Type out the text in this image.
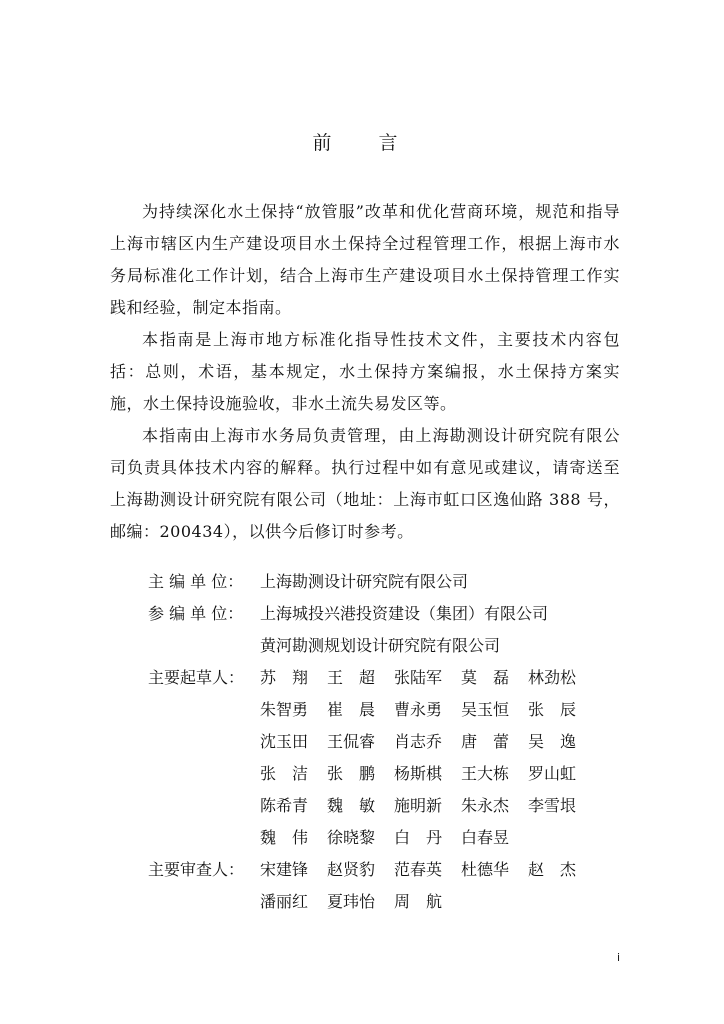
前　言

为持续深化水土保持“放管服”改革和优化营商环境，规范和指导上海市辖区内生产建设项目水土保持全过程管理工作，根据上海市水务局标准化工作计划，结合上海市生产建设项目水土保持管理工作实践和经验，制定本指南。

本指南是上海市地方标准化指导性技术文件，主要技术内容包括：总则，术语，基本规定，水土保持方案编报，水土保持方案实施，水土保持设施验收，非水土流失易发区等。

本指南由上海市水务局负责管理，由上海勘测设计研究院有限公司负责具体技术内容的解释。执行过程中如有意见或建议，请寄送至上海勘测设计研究院有限公司（地址：上海市虹口区逸仙路 388 号，邮编：200434），以供今后修订时参考。

主 编 单 位：	上海勘测设计研究院有限公司
参 编 单 位：	上海城投兴港投资建设（集团）有限公司
黄河勘测规划设计研究院有限公司
主要起草人： 苏　翔	王　超	张陆军	莫　磊	林劲松
朱智勇	崔　晨	曹永勇	吴玉恒	张　辰
沈玉田	王侃睿	肖志乔	唐　蕾	吴　逸
张　洁	张　鹏	杨斯棋	王大栋	罗山虹
陈希青	魏　敏	施明新	朱永杰	李雪垠
魏　伟	徐晓黎	白　丹	白春昱
主要审查人： 宋建锋	赵贤豹	范春英	杜德华	赵　杰
潘丽红	夏玮怡	周　航
i
